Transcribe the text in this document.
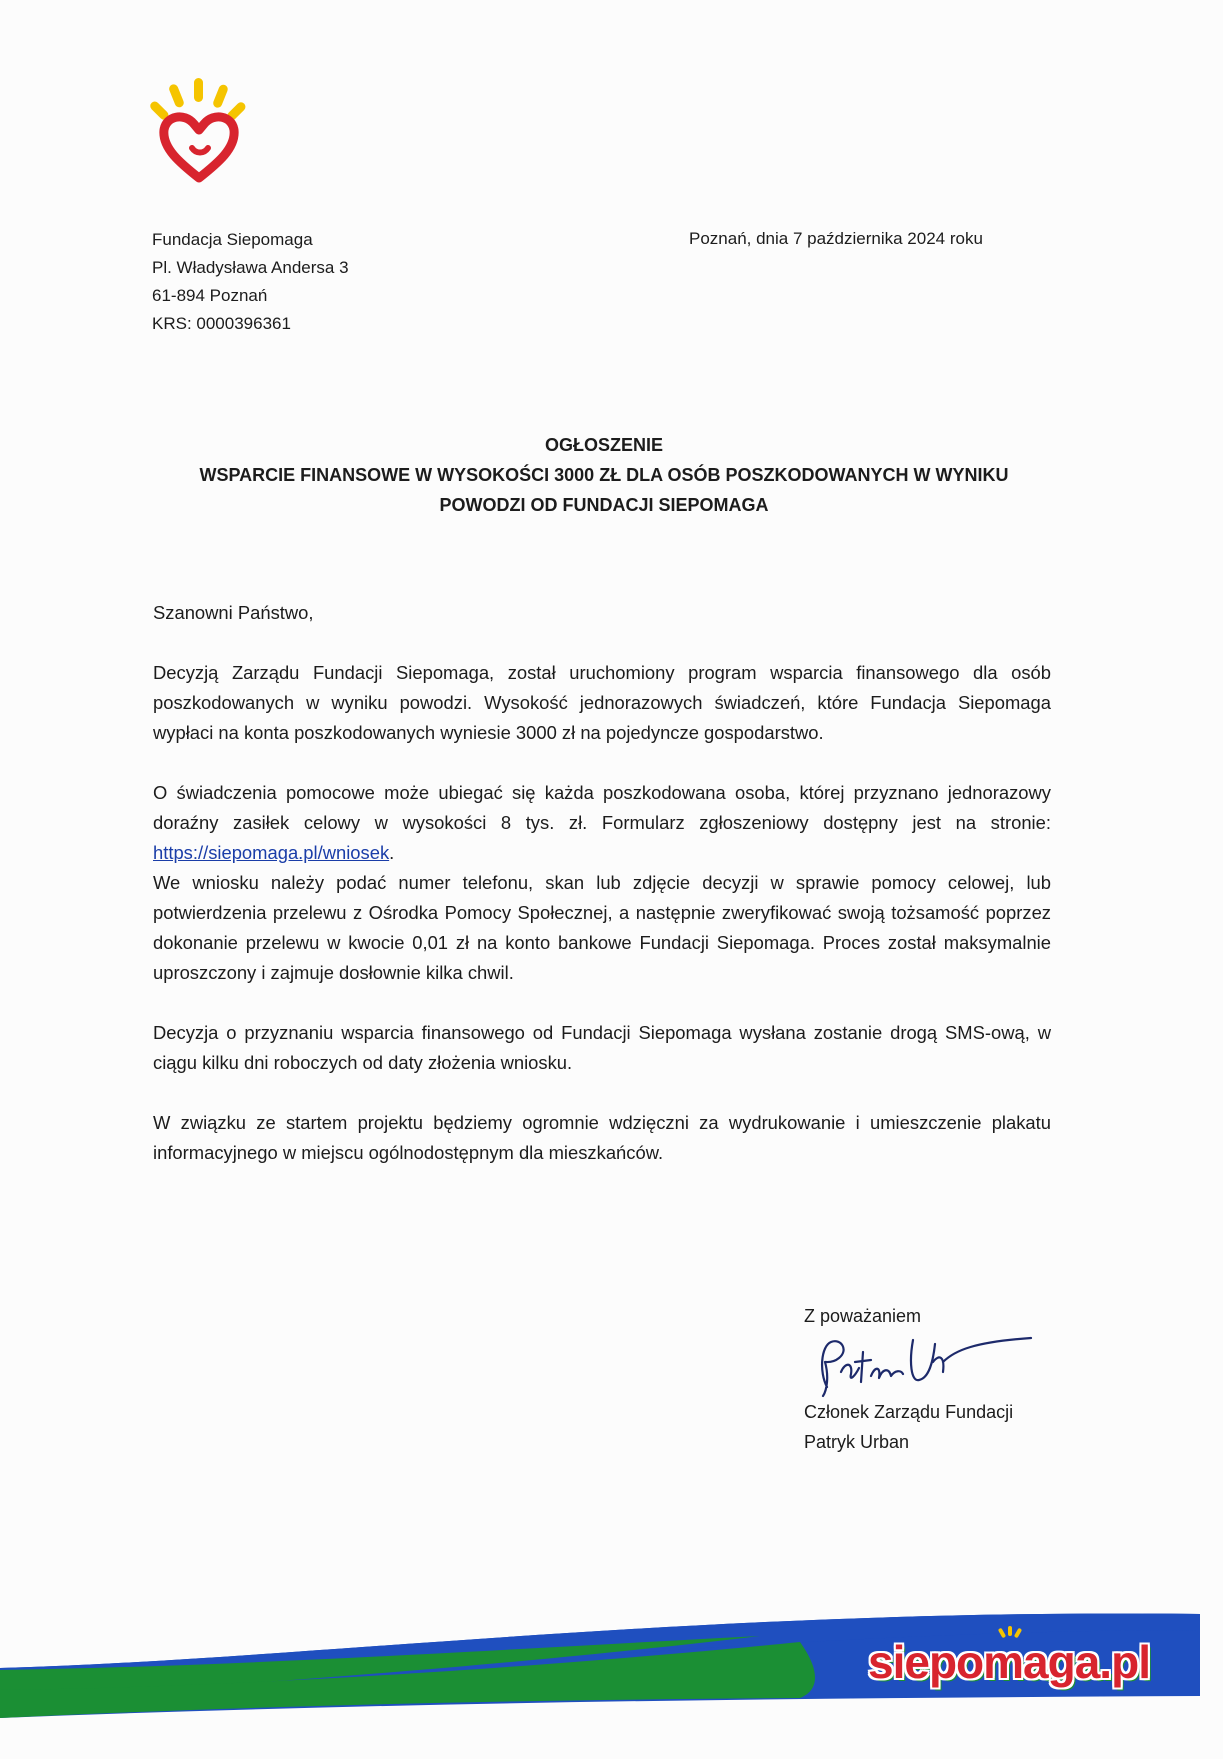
Fundacja Siepomaga
Pl. Władysława Andersa 3
61-894 Poznań
KRS: 0000396361
Poznań, dnia 7 października 2024 roku
OGŁOSZENIE
WSPARCIE FINANSOWE W WYSOKOŚCI 3000 ZŁ DLA OSÓB POSZKODOWANYCH W WYNIKU
POWODZI OD FUNDACJI SIEPOMAGA

Szanowni Państwo,

Decyzją Zarządu Fundacji Siepomaga, został uruchomiony program wsparcia finansowego dla osób poszkodowanych w wyniku powodzi. Wysokość jednorazowych świadczeń, które Fundacja Siepomaga wypłaci na konta poszkodowanych wyniesie 3000 zł na pojedyncze gospodarstwo.

O świadczenia pomocowe może ubiegać się każda poszkodowana osoba, której przyznano jednorazowy doraźny zasiłek celowy w wysokości 8 tys. zł. Formularz zgłoszeniowy dostępny jest na stronie: https://siepomaga.pl/wniosek.

We wniosku należy podać numer telefonu, skan lub zdjęcie decyzji w sprawie pomocy celowej, lub potwierdzenia przelewu z Ośrodka Pomocy Społecznej, a następnie zweryfikować swoją tożsamość poprzez dokonanie przelewu w kwocie 0,01 zł na konto bankowe Fundacji Siepomaga. Proces został maksymalnie uproszczony i zajmuje dosłownie kilka chwil.

Decyzja o przyznaniu wsparcia finansowego od Fundacji Siepomaga wysłana zostanie drogą SMS-ową, w ciągu kilku dni roboczych od daty złożenia wniosku.

W związku ze startem projektu będziemy ogromnie wdzięczni za wydrukowanie i umieszczenie plakatu informacyjnego w miejscu ogólnodostępnym dla mieszkańców.

Z poważaniem
Członek Zarządu Fundacji
Patryk Urban
siepomaga.pl
